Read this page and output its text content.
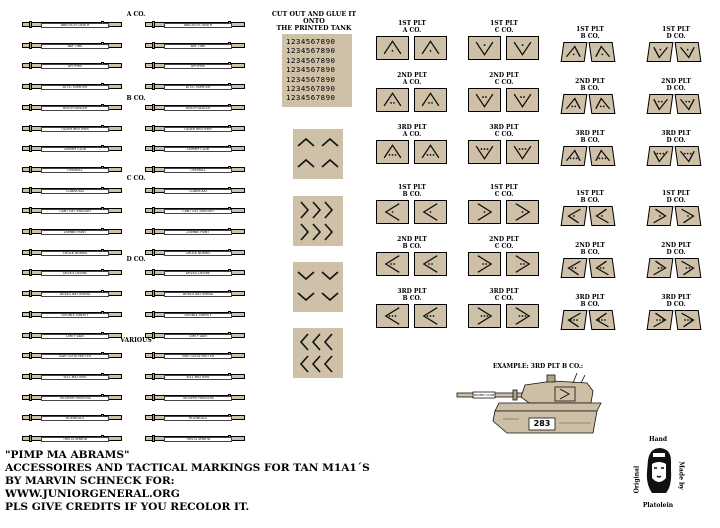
ABSOLUTE DEATH	ABSOLUTE DEATH
BAY TIME	BAY TIME
APOPHIS	APOPHIS
ATTIC VOMITER	ATTIC VOMITER
DEATH DEALER	DEATH DEALER
OLDER BROTHER	OLDER BROTHER
DUMMY CLUB	DUMMY CLUB
OVERKILL	OVERKILL
COBRA KAI	COBRA KAI
CANT GET ENOUGH	CANT GET ENOUGH
ZOMBIE HUNT	ZOMBIE HUNT
CHUCK NORRIS	CHUCK NORRIS
DEVILS DESIRE	DEVILS DESIRE
DEVILS BATTERING	DEVILS BATTERING
DOUBLE LIBERTY	DOUBLE LIBERTY
DIRTY DAN	DIRTY DAN
SIDE GOOD MATTER	SIDE GOOD MATTER
9/11 MATTERS	9/11 MATTERS
TROOPER HUNTERS	TROOPER HUNTERS
HOLYBULLS	HOLYBULLS
THIS IS SPARTA	THIS IS SPARTA
A CO.
B CO.
C CO.
D CO.
VARIOUS
CUT OUT AND GLUE IT ONTO
THE PRINTED TANK
1234567890
1234567890
1234567890
1234567890
1234567890
1234567890
1234567890
1ST PLT
A CO.
1ST PLT
C CO.	1ST PLT
B CO.
1ST PLT
D CO.
2ND PLT
A CO.
2ND PLT
C CO.	2ND PLT
B CO.
2ND PLT
D CO.
3RD PLT
A CO.
3RD PLT
C CO.	3RD PLT
B CO.
3RD PLT
D CO.
1ST PLT
B CO.
1ST PLT
C CO.	1ST PLT
B CO.
1ST PLT
D CO.
2ND PLT
B CO.
2ND PLT
C CO.	2ND PLT
B CO.
2ND PLT
D CO.
3RD PLT
B CO.
3RD PLT
C CO.	3RD PLT
B CO.
3RD PLT
D CO.
EXAMPLE: 3RD PLT B CO.:
DUMMY CLUB
283
Original
Hand
Made by
Platolein
"PIMP MA ABRAMS"
ACCESSOIRES AND TACTICAL MARKINGS FOR TAN M1A1´S
BY MARVIN SCHNECK FOR:
WWW.JUNIORGENERAL.ORG
PLS GIVE CREDITS IF YOU RECOLOR IT.
